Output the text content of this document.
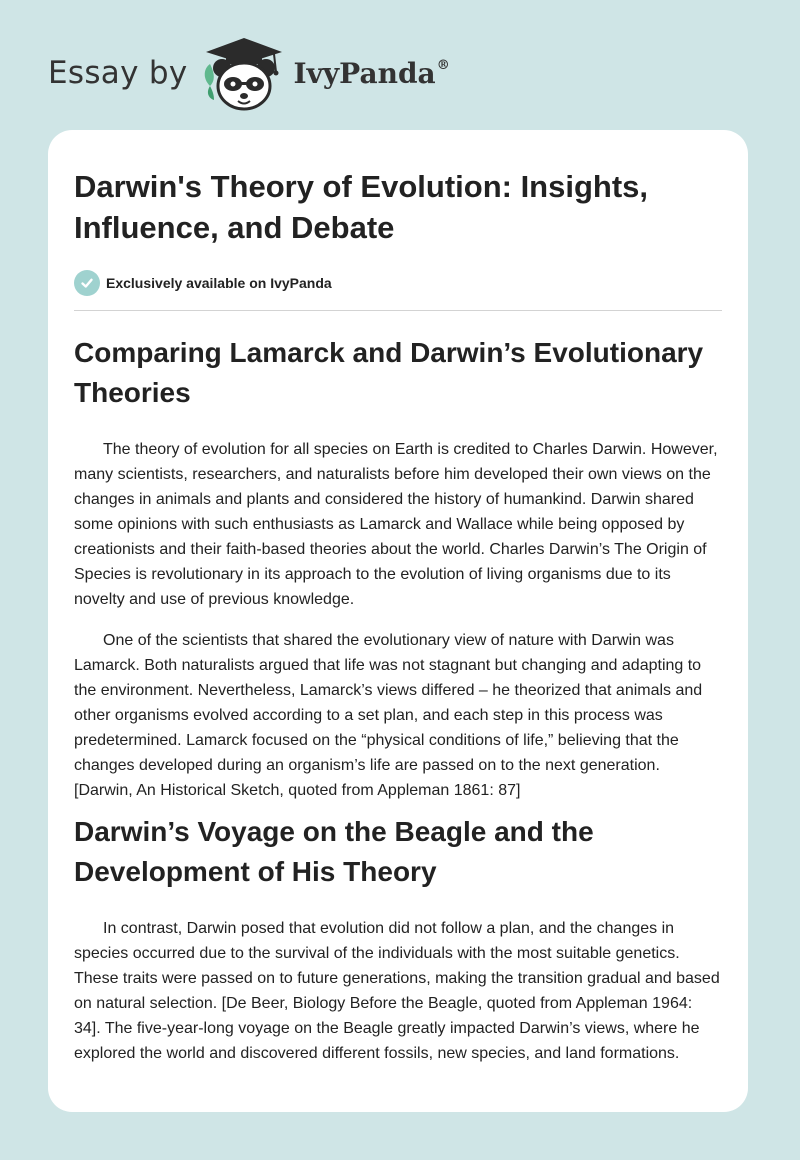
Essay by	IvyPanda®
Darwin's Theory of Evolution: Insights, Influence, and Debate
Exclusively available on IvyPanda
Comparing Lamarck and Darwin’s Evolutionary Theories

The theory of evolution for all species on Earth is credited to Charles Darwin. However, many scientists, researchers, and naturalists before him developed their own views on the changes in animals and plants and considered the history of humankind. Darwin shared some opinions with such enthusiasts as Lamarck and Wallace while being opposed by creationists and their faith-based theories about the world. Charles Darwin’s The Origin of Species is revolutionary in its approach to the evolution of living organisms due to its novelty and use of previous knowledge.

One of the scientists that shared the evolutionary view of nature with Darwin was Lamarck. Both naturalists argued that life was not stagnant but changing and adapting to the environment. Nevertheless, Lamarck’s views differed – he theorized that animals and other organisms evolved according to a set plan, and each step in this process was predetermined. Lamarck focused on the “physical conditions of life,” believing that the changes developed during an organism’s life are passed on to the next generation. [Darwin, An Historical Sketch, quoted from Appleman 1861: 87]

Darwin’s Voyage on the Beagle and the Development of His Theory

In contrast, Darwin posed that evolution did not follow a plan, and the changes in species occurred due to the survival of the individuals with the most suitable genetics. These traits were passed on to future generations, making the transition gradual and based on natural selection. [De Beer, Biology Before the Beagle, quoted from Appleman 1964: 34]. The five-year-long voyage on the Beagle greatly impacted Darwin’s views, where he explored the world and discovered different fossils, new species, and land formations.
